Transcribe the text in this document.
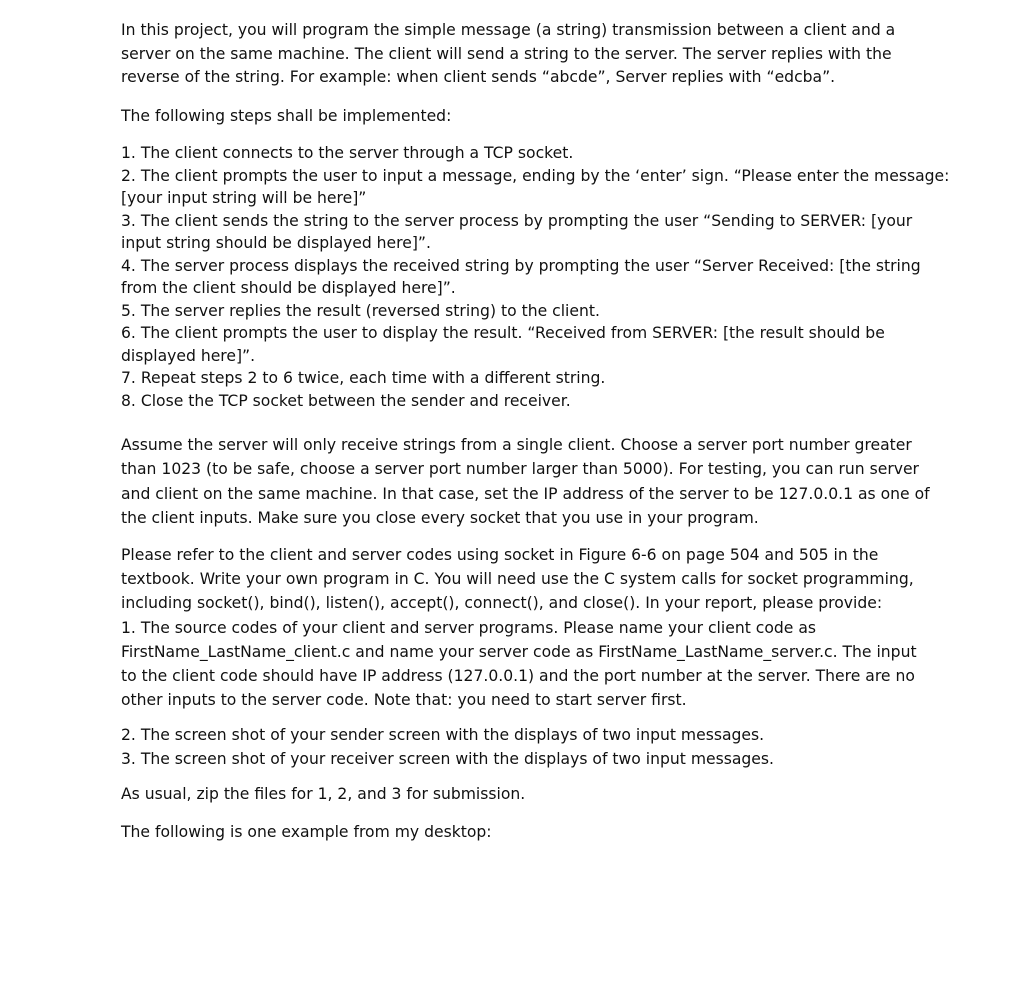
In this project, you will program the simple message (a string) transmission between a client and a

server on the same machine. The client will send a string to the server. The server replies with the

reverse of the string. For example: when client sends “abcde”, Server replies with “edcba”.

The following steps shall be implemented:

1. The client connects to the server through a TCP socket.

2. The client prompts the user to input a message, ending by the ‘enter’ sign. “Please enter the message:

[your input string will be here]”

3. The client sends the string to the server process by prompting the user “Sending to SERVER: [your

input string should be displayed here]”.

4. The server process displays the received string by prompting the user “Server Received: [the string

from the client should be displayed here]”.

5. The server replies the result (reversed string) to the client.

6. The client prompts the user to display the result. “Received from SERVER: [the result should be

displayed here]”.

7. Repeat steps 2 to 6 twice, each time with a different string.

8. Close the TCP socket between the sender and receiver.

Assume the server will only receive strings from a single client. Choose a server port number greater

than 1023 (to be safe, choose a server port number larger than 5000). For testing, you can run server

and client on the same machine. In that case, set the IP address of the server to be 127.0.0.1 as one of

the client inputs. Make sure you close every socket that you use in your program.

Please refer to the client and server codes using socket in Figure 6-6 on page 504 and 505 in the

textbook. Write your own program in C. You will need use the C system calls for socket programming,

including socket(), bind(), listen(), accept(), connect(), and close(). In your report, please provide:

1. The source codes of your client and server programs. Please name your client code as

FirstName_LastName_client.c and name your server code as FirstName_LastName_server.c. The input

to the client code should have IP address (127.0.0.1) and the port number at the server. There are no

other inputs to the server code. Note that: you need to start server first.

2. The screen shot of your sender screen with the displays of two input messages.

3. The screen shot of your receiver screen with the displays of two input messages.

As usual, zip the files for 1, 2, and 3 for submission.

The following is one example from my desktop:
